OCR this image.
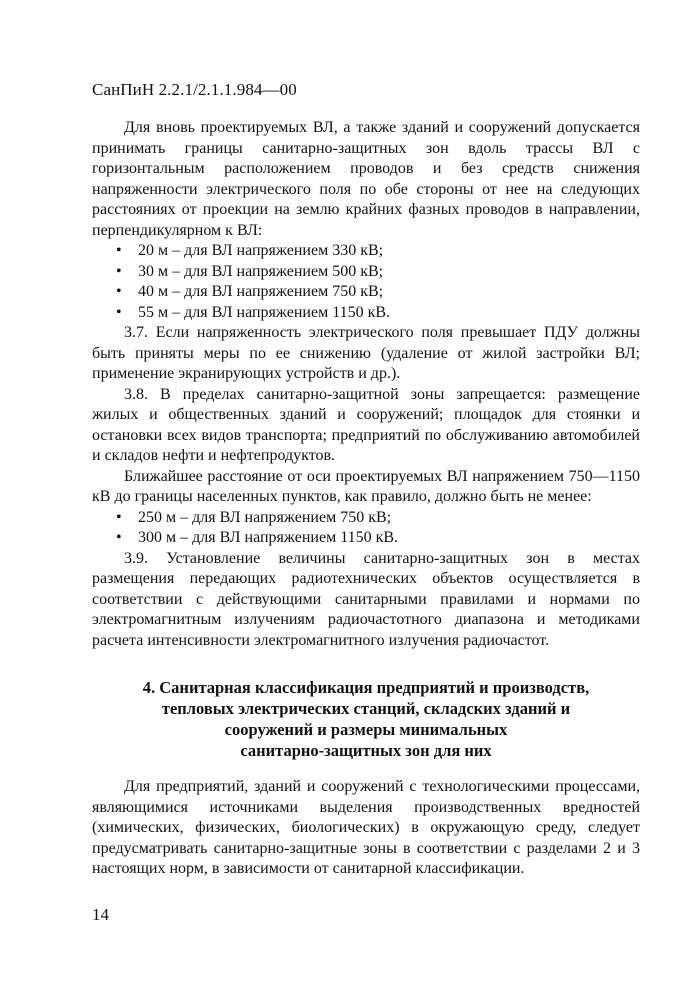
СанПиН 2.2.1/2.1.1.984—00

Для вновь проектируемых ВЛ, а также зданий и сооружений допускается принимать границы санитарно-защитных зон вдоль трассы ВЛ с горизонтальным расположением проводов и без средств снижения напряженности электрического поля по обе стороны от нее на следующих расстояниях от проекции на землю крайних фазных проводов в направлении, перпендикулярном к ВЛ:

• 20 м – для ВЛ напряжением 330 кВ;
• 30 м – для ВЛ напряжением 500 кВ;
• 40 м – для ВЛ напряжением 750 кВ;
• 55 м – для ВЛ напряжением 1150 кВ.

3.7. Если напряженность электрического поля превышает ПДУ должны быть приняты меры по ее снижению (удаление от жилой застройки ВЛ; применение экранирующих устройств и др.).

3.8. В пределах санитарно-защитной зоны запрещается: размещение жилых и общественных зданий и сооружений; площадок для стоянки и остановки всех видов транспорта; предприятий по обслуживанию автомобилей и складов нефти и нефтепродуктов.

Ближайшее расстояние от оси проектируемых ВЛ напряжением 750—1150 кВ до границы населенных пунктов, как правило, должно быть не менее:

• 250 м – для ВЛ напряжением 750 кВ;
• 300 м – для ВЛ напряжением 1150 кВ.

3.9. Установление величины санитарно-защитных зон в местах размещения передающих радиотехнических объектов осуществляется в соответствии с действующими санитарными правилами и нормами по электромагнитным излучениям радиочастотного диапазона и методиками расчета интенсивности электромагнитного излучения радиочастот.

4. Санитарная классификация предприятий и производств,
тепловых электрических станций, складских зданий и
сооружений и размеры минимальных
санитарно-защитных зон для них

Для предприятий, зданий и сооружений с технологическими процессами, являющимися источниками выделения производственных вредностей (химических, физических, биологических) в окружающую среду, следует предусматривать санитарно-защитные зоны в соответствии с разделами 2 и 3 настоящих норм, в зависимости от санитарной классификации.

14
